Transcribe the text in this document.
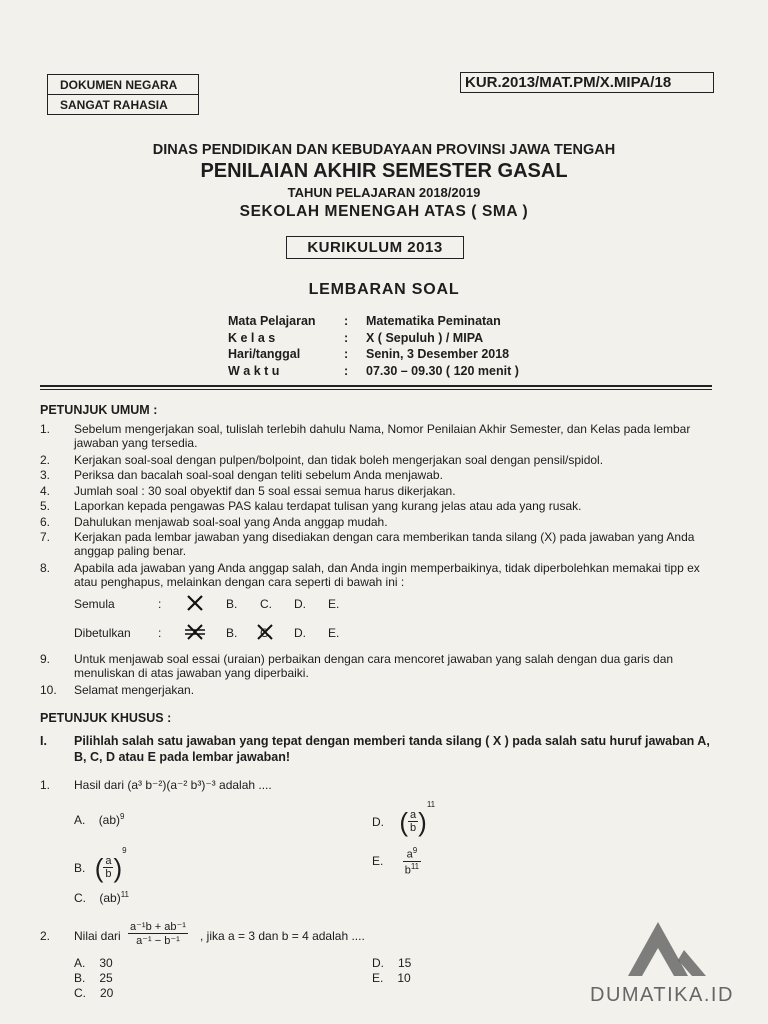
DOKUMEN NEGARA
SANGAT RAHASIA
KUR.2013/MAT.PM/X.MIPA/18
DINAS PENDIDIKAN DAN KEBUDAYAAN PROVINSI JAWA TENGAH
PENILAIAN AKHIR SEMESTER GASAL
TAHUN PELAJARAN 2018/2019
SEKOLAH MENENGAH ATAS ( SMA )
KURIKULUM 2013
LEMBARAN SOAL
Mata Pelajaran	: Matematika Peminatan
K e l a s	: X ( Sepuluh ) / MIPA
Hari/tanggal	: Senin, 3 Desember 2018
W a k t u	: 07.30 – 09.30 ( 120 menit )
PETUNJUK UMUM :
1. Sebelum mengerjakan soal, tulislah terlebih dahulu Nama, Nomor Penilaian Akhir Semester, dan Kelas pada lembar jawaban yang tersedia.
2. Kerjakan soal-soal dengan pulpen/bolpoint, dan tidak boleh mengerjakan soal dengan pensil/spidol.
3. Periksa dan bacalah soal-soal dengan teliti sebelum Anda menjawab.
4. Jumlah soal : 30 soal obyektif dan 5 soal essai semua harus dikerjakan.
5. Laporkan kepada pengawas PAS kalau terdapat tulisan yang kurang jelas atau ada yang rusak.
6. Dahulukan menjawab soal-soal yang Anda anggap mudah.
7. Kerjakan pada lembar jawaban yang disediakan dengan cara memberikan tanda silang (X) pada jawaban yang Anda anggap paling benar.
8. Apabila ada jawaban yang Anda anggap salah, dan Anda ingin memperbaikinya, tidak diperbolehkan memakai tipp ex atau penghapus, melainkan dengan cara seperti di bawah ini :
Semula	:	B. C. D. E.
Dibetulkan :	B. C. D. E.
9. Untuk menjawab soal essai (uraian) perbaikan dengan cara mencoret jawaban yang salah dengan dua garis dan menuliskan di atas jawaban yang diperbaiki.
10. Selamat mengerjakan.
PETUNJUK KHUSUS :
I. Pilihlah salah satu jawaban yang tepat dengan memberi tanda silang ( X ) pada salah satu huruf jawaban A, B, C, D atau E pada lembar jawaban!
1. Hasil dari (a³ b⁻²)(a⁻² b³)⁻³ adalah ....
A. (ab)$^9$
B. ( $\frac{a}{b} )^9$
C. (ab)$^{11}$
D. ( $\frac{a}{b} )^{11}$
E. $\frac{a^9}{b^{11}}$
2. Nilai dari $\frac{\text{a⁻¹b + ab⁻¹}}{\text{a⁻¹ − b⁻¹}}$ , jika a = 3 dan b = 4 adalah ....
A. 30
B. 25
C. 20
D. 15
E. 10
DUMATIKA.ID
